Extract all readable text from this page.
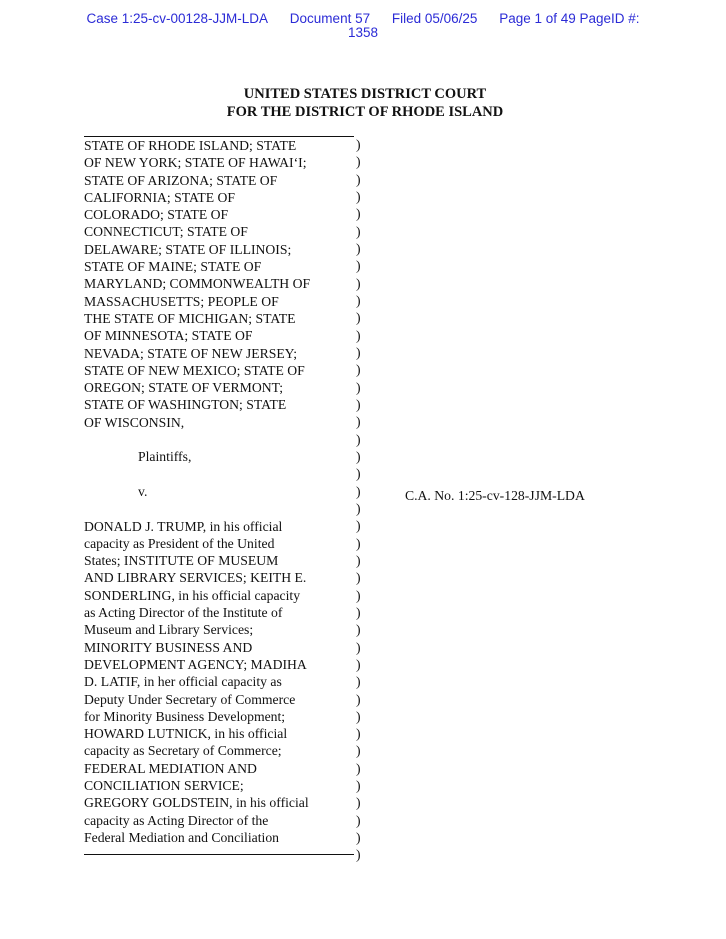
Case 1:25-cv-00128-JJM-LDA Document 57 Filed 05/06/25 Page 1 of 49 PageID #:
1358
UNITED STATES DISTRICT COURT
FOR THE DISTRICT OF RHODE ISLAND

STATE OF RHODE ISLAND; STATE

OF NEW YORK; STATE OF HAWAI‘I;

STATE OF ARIZONA; STATE OF

CALIFORNIA; STATE OF

COLORADO; STATE OF

CONNECTICUT; STATE OF

DELAWARE; STATE OF ILLINOIS;

STATE OF MAINE; STATE OF

MARYLAND; COMMONWEALTH OF

MASSACHUSETTS; PEOPLE OF

THE STATE OF MICHIGAN; STATE

OF MINNESOTA; STATE OF

NEVADA; STATE OF NEW JERSEY;

STATE OF NEW MEXICO; STATE OF

OREGON; STATE OF VERMONT;

STATE OF WASHINGTON; STATE

OF WISCONSIN,

Plaintiffs,

v.

DONALD J. TRUMP, in his official

capacity as President of the United

States; INSTITUTE OF MUSEUM

AND LIBRARY SERVICES; KEITH E.

SONDERLING, in his official capacity

as Acting Director of the Institute of

Museum and Library Services;

MINORITY BUSINESS AND

DEVELOPMENT AGENCY; MADIHA

D. LATIF, in her official capacity as

Deputy Under Secretary of Commerce

for Minority Business Development;

HOWARD LUTNICK, in his official

capacity as Secretary of Commerce;

FEDERAL MEDIATION AND

CONCILIATION SERVICE;

GREGORY GOLDSTEIN, in his official

capacity as Acting Director of the

Federal Mediation and Conciliation

)
)
)
)
)
)
)
)
)
)
)
)
)
)
)
)
)
)
)
)
)
)
)
)
)
)
)
)
)
)
)
)
)
)
)
)
)
)
)
)
)
)
C.A. No. 1:25-cv-128-JJM-LDA
